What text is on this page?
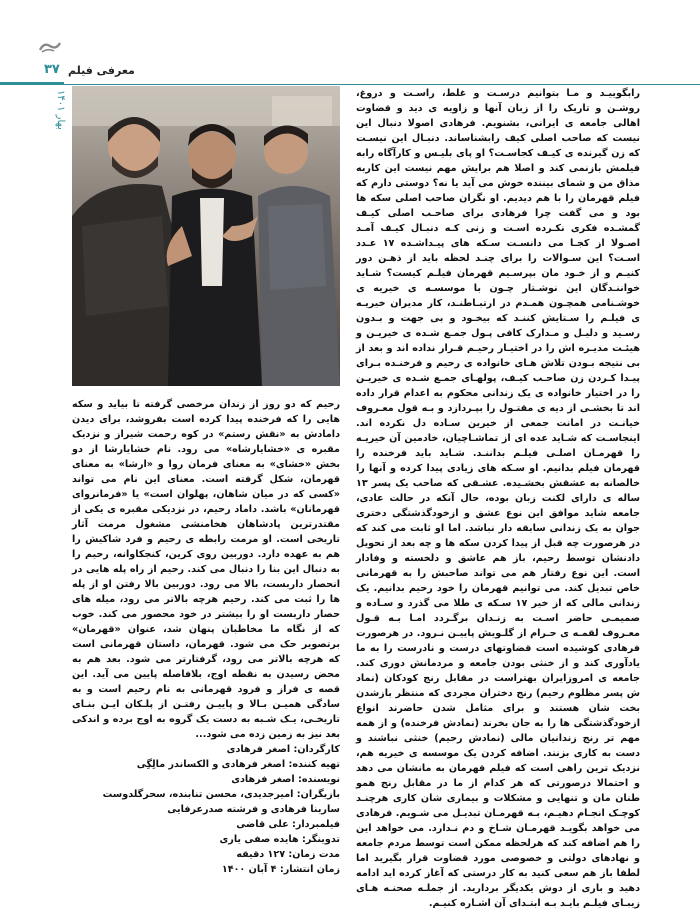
۳۷
بهار ۱۴۰۱
معرفی فیلم

رابگوییـد و مـا بتوانیم درسـت و غلط، راسـت و دروغ، روشـن و تاریک را از زبان آنها و زاویه ی دید و قضاوت اهالی جامعه ی ایرانی، بشنویم. فرهادی اصولا دنبال این نیست که صاحب اصلی کیف رابشناساند. دنبـال این نیسـت که زن گیرنده ی کیـف کجاسـت؟ او پای بلیـس و کارآگاه رابه فیلمش بازنمی کند و اصلا هم برایش مهم نیست این کاربه مذاق من و شمای بیننده خوش می آید یا نه؟ دوستی دارم که فیلم قهرمان را با هم دیدیم. او نگران صاحب اصلی سکه ها بود و می گفت چرا فرهادی برای صاحـب اصلی کیـف گمشـده فکری نکـرده اسـت و زنی کـه دنبـال کیـف آمـد اصـولا از کجـا می دانسـت سـکه های پیـداشـده ۱۷ عـدد اسـت؟ این سـوالات را برای چنـد لحظه باید از ذهـن دور کنیـم و از خـود مان بپرسـیم قهرمان فیلـم کیست؟ شـاید خواننـدگان این نوشـتار چـون با موسسـه ی خیریه ی خوشـنامی همچـون همـدم در ارتبـاطنـد، کار مدیران خیریـه ی فیلـم را سـتایش کننـد که بیخـود و بی جهت و بـدون رسـید و دلیـل و مـدارک کافی پـول جمـع شـده ی خیریـن و هیئـت مدیـره اش را در اختیـار رحیـم قـرار نداده اند و بعد از بی نتیجه بـودن تلاش هـای خانواده ی رحیم و فرخنـده بـرای پیـدا کـردن زن صاحـب کیـف، پولهـای جمـع شـده ی خیریـن را در اختیار خانواده ی یک زندانی محکوم به اعدام قرار داده اند تا بخشـی از دیه ی مقتـول را بپـردازد و بـه قول معـروف خیانـت در امانت جمعی از خیرین سـاده دل نکرده اند. اینجاسـت که شـاید عده ای از تماشـاچیان، خادمین آن خیریـه را قهرمـان اصلـی فیلـم بداننـد. شـاید باید فرخنده را قهرمان فیلم بدانیم. او سـکه های زیادی پیدا کرده و آنها را خالصانه به عشقش بخشـیده. عشـقی که صاحب یک پسر ۱۳ ساله ی دارای لکنت زبان بوده، حال آنکه در حالت عادی، جامعه شاید موافق این نوع عشق و ازخودگذشتگی دختری جوان به یک زندانی سابقه دار نباشد. اما او ثابت می کند که در هرصورت چه قبل از پیدا کردن سکه ها و چه بعد از تحویل دادنشان توسط رحیم، باز هم عاشق و دلخسته و وفادار است. این نوع رفتار هم می تواند صاحبش را به قهرمانی خاص تبدیل کند. می توانیم قهرمان را خود رحیم بدانیم. یک زندانی مالی که از خیر ۱۷ سـکه ی طلا می گذرد و سـاده و صمیمـی حاضر اسـت به زنـدان برگـردد امـا بـه قـول معـروف لقمـه ی حـرام از گلـویش پاییـن نـرود. در هرصورت فرهادی کوشیده است قضاوتهای درست و نادرست را به ما یادآوری کند و از خنثی بودن جامعه و مردمانش دوری کند. جامعه ی امروزایران بهتراست در مقابل رنج کودکان (نماد ش پسر مظلوم رحیم) رنج دختران مجردی که منتظر بازشدن بخت شان هستند و برای مثامل شدن حاضرند انواع ازخودگذشتگی ها را به جان بخرند (نمادش فرخنده) و از همه مهم تر رنج زندانیان مالی (نمادش رحیم) خنثی نباشند و دست به کاری بزنند. اضافه کردن یک موسسه ی خیریه هم، نزدیک ترین راهی است که فیلم قهرمان به مانشان می دهد و احتمالا درصورتی که هر کدام از ما در مقابل رنج همو طنان مان و تنهایی و مشکلات و بیماری شان کاری هرچنـد کوچـک انجـام دهیـم، بـه قهرمـان تبدیـل می شـویم. فرهادی می خواهد بگویـد قهرمـان شـاخ و دم نـدارد. می خواهد این را هم اضافه کند که هرلحظه ممکن است توسط مردم جامعه و نهادهای دولتی و خصوصی مورد قضاوت قرار بگیرید اما لطفا باز هم سعی کنید به کار درستی که آغاز کرده اید ادامه دهید و باری از دوش یکدیگر بردارید. از جملـه صحنـه هـای زیبـای فیلـم بایـد بـه ابتـدای آن اشـاره کنیـم.

رحیم که دو روز از زندان مرخصی گرفته تا بیاید و سکه هایی را که فرخنده پیدا کرده است بفروشد، برای دیدن دامادش به «نقش رستم» در کوه رحمت شیراز و نزدیک مقبره ی «خشایارشاه» می رود. نام خشایارشا از دو بخش «خشای» به معنای فرمان روا و «ارشا» به معنای قهرمان، شکل گرفته است. معنای این نام می تواند «کسی که در میان شاهان، پهلوان است» یا «فرمانروای قهرمانان» باشد. داماد رحیم، در نزدیکی مقبره ی یکی از مقتدرترین پادشاهان هخامنشی مشغول مرمت آثار تاریخی است. او مرمت رابطه ی رحیم و فرد شاکیش را هم به عهده دارد. دوربین روی کرین، کنجکاوانه، رحیم را به دنبال این بنا را دنبال می کند. رحیم از راه پله هایی در انحصار داربست، بالا می رود. دوربین بالا رفتن او از پله ها را ثبت می کند. رحیم هرچه بالاتر می رود، میله های حصار داربست او را بیشتر در خود محصور می کند. خوب که از نگاه ما مخاطبان پنهان شد، عنوان «قهرمان» برتصویر حک می شود. قهرمان، داستان قهرمانی است که هرچه بالاتر می رود، گرفتارتر می شود. بعد هم به محض رسیدن به نقطه اوج، بلافاصله پایین می آید. این قصه ی فراز و فرود قهرمانی به نام رحیم است و به سادگی همیـن بـالا و پاییـن رفتـن از پلـکان ایـن بنـای تاریخـی، یـک شـبه به دست یک گروه به اوج برده و اندکی بعد نیز به زمین زده می شود...

کارگردان: اصغر فرهادی
تهیه کننده: اصغر فرهادی و الکساندر مالِگِی
نویسنده: اصغر فرهادی
بازیگران: امیرجدیدی، محسن تنابنده، سحرگلدوست
سارینا فرهادی و فرشته صدرعرفایی
فیلمبردار: علی قاضی
تدوینگر: هایده صفی یاری
مدت زمان: ۱۲۷ دقیقه
زمان انتشار: ۴ آبان ۱۴۰۰
